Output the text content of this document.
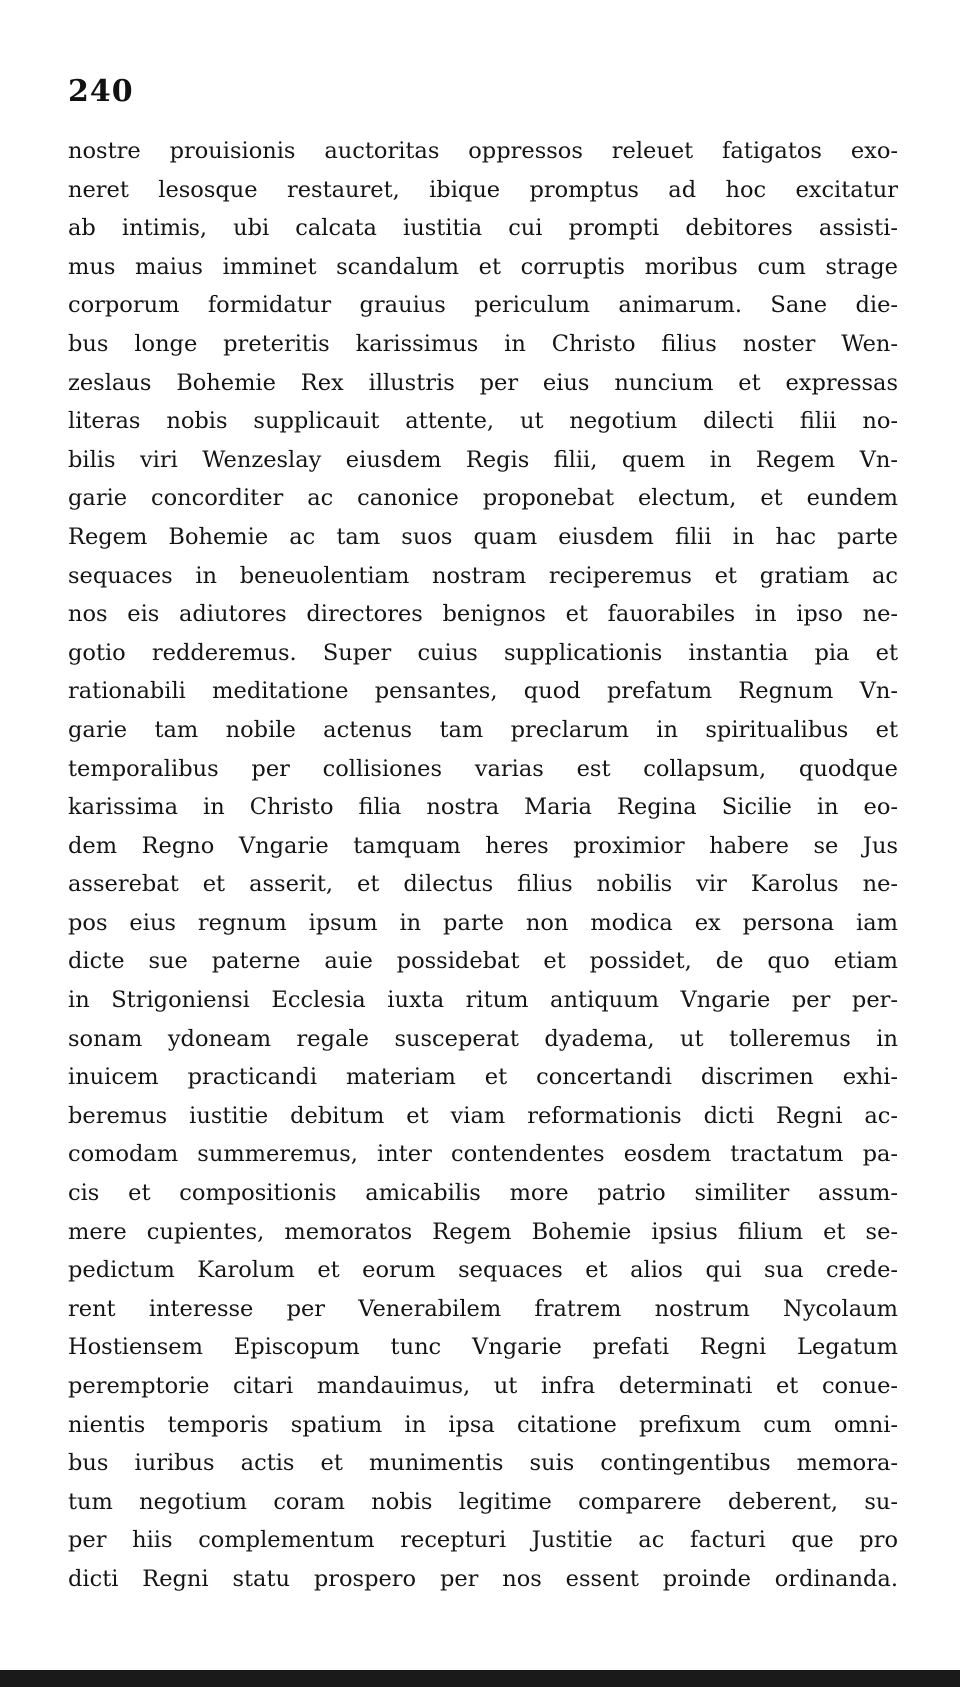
240
nostre prouisionis auctoritas oppressos releuet fatigatos exo-
neret lesosque restauret, ibique promptus ad hoc excitatur
ab intimis, ubi calcata iustitia cui prompti debitores assisti-
mus maius imminet scandalum et corruptis moribus cum strage
corporum formidatur grauius periculum animarum. Sane die-
bus longe preteritis karissimus in Christo filius noster Wen-
zeslaus Bohemie Rex illustris per eius nuncium et expressas
literas nobis supplicauit attente, ut negotium dilecti filii no-
bilis viri Wenzeslay eiusdem Regis filii, quem in Regem Vn-
garie concorditer ac canonice proponebat electum, et eundem
Regem Bohemie ac tam suos quam eiusdem filii in hac parte
sequaces in beneuolentiam nostram reciperemus et gratiam ac
nos eis adiutores directores benignos et fauorabiles in ipso ne-
gotio redderemus. Super cuius supplicationis instantia pia et
rationabili meditatione pensantes, quod prefatum Regnum Vn-
garie tam nobile actenus tam preclarum in spiritualibus et
temporalibus per collisiones varias est collapsum, quodque
karissima in Christo filia nostra Maria Regina Sicilie in eo-
dem Regno Vngarie tamquam heres proximior habere se Jus
asserebat et asserit, et dilectus filius nobilis vir Karolus ne-
pos eius regnum ipsum in parte non modica ex persona iam
dicte sue paterne auie possidebat et possidet, de quo etiam
in Strigoniensi Ecclesia iuxta ritum antiquum Vngarie per per-
sonam ydoneam regale susceperat dyadema, ut tolleremus in
inuicem practicandi materiam et concertandi discrimen exhi-
beremus iustitie debitum et viam reformationis dicti Regni ac-
comodam summeremus, inter contendentes eosdem tractatum pa-
cis et compositionis amicabilis more patrio similiter assum-
mere cupientes, memoratos Regem Bohemie ipsius filium et se-
pedictum Karolum et eorum sequaces et alios qui sua crede-
rent interesse per Venerabilem fratrem nostrum Nycolaum
Hostiensem Episcopum tunc Vngarie prefati Regni Legatum
peremptorie citari mandauimus, ut infra determinati et conue-
nientis temporis spatium in ipsa citatione prefixum cum omni-
bus iuribus actis et munimentis suis contingentibus memora-
tum negotium coram nobis legitime comparere deberent, su-
per hiis complementum recepturi Justitie ac facturi que pro
dicti Regni statu prospero per nos essent proinde ordinanda.
